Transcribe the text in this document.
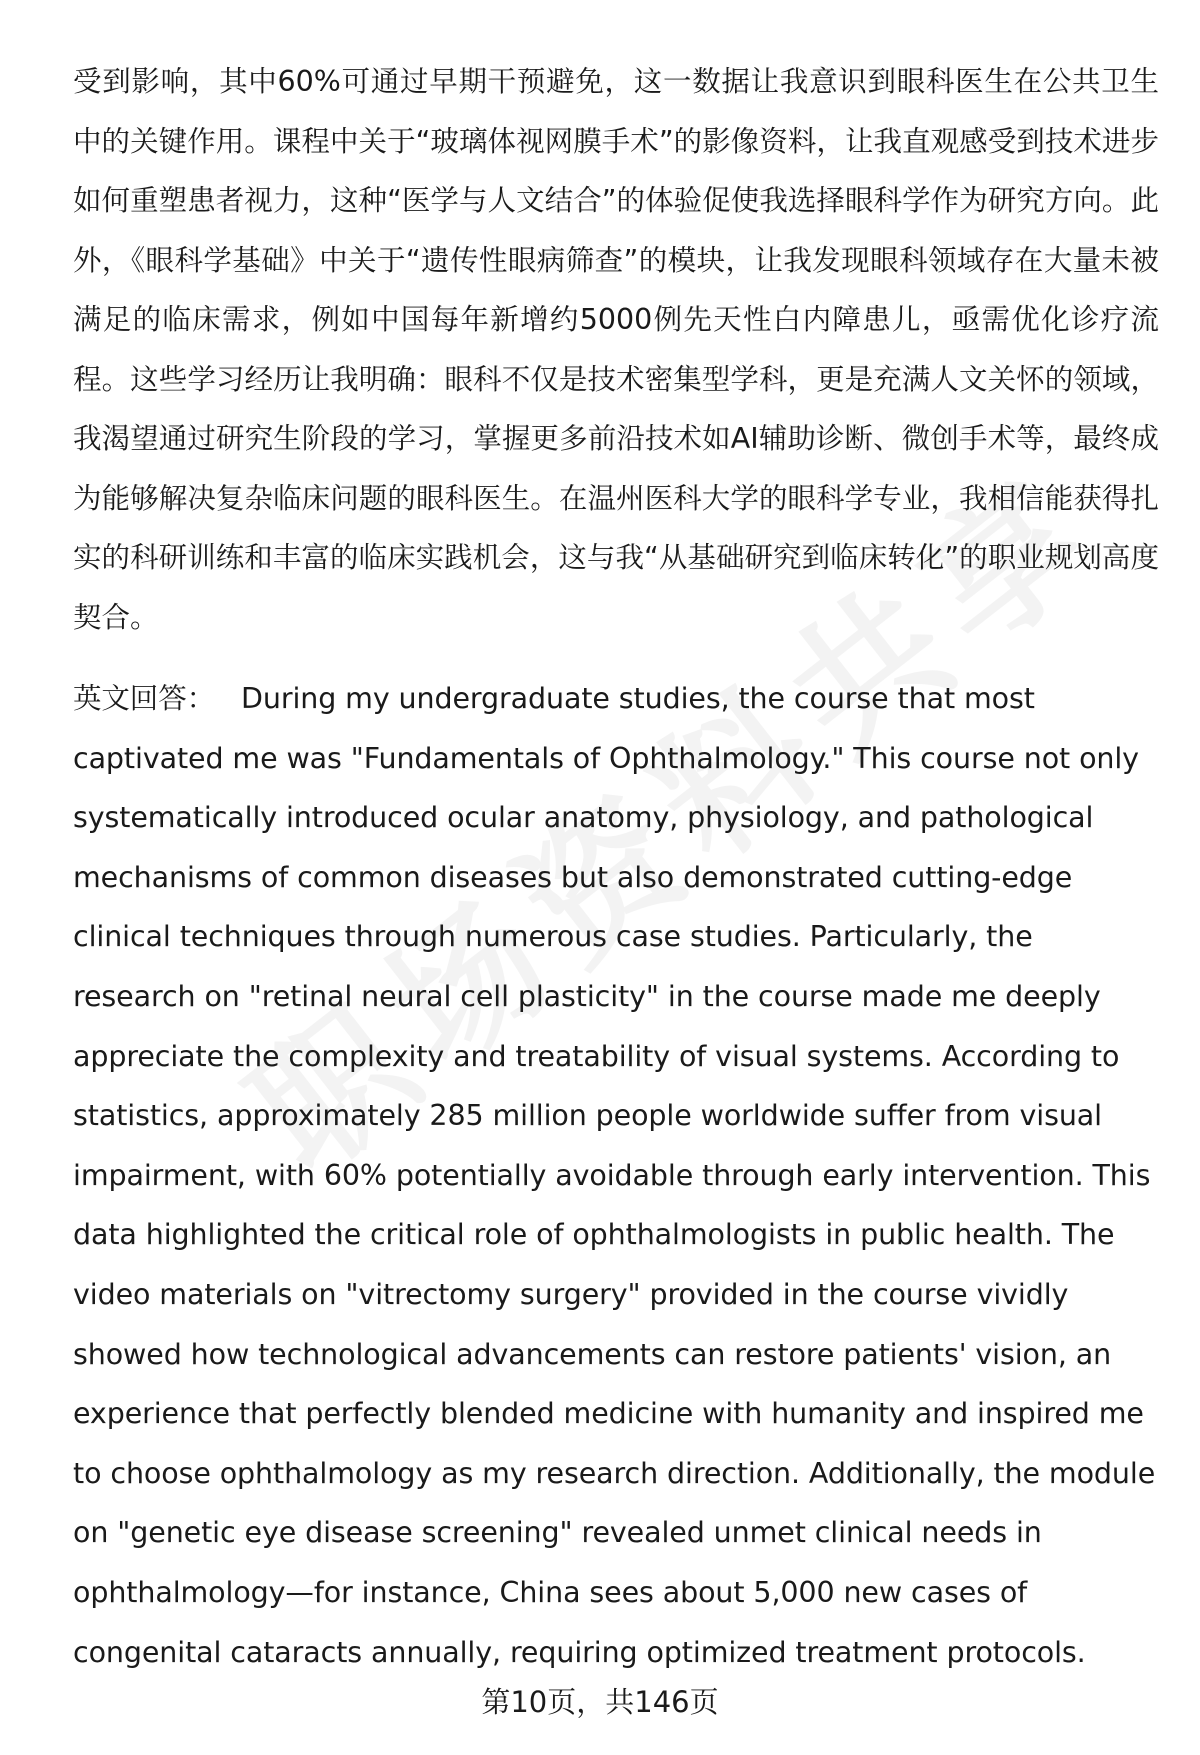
受到影响，其中60%可通过早期干预避免，这一数据让我意识到眼科医生在公共卫生中的关键作用。课程中关于“玻璃体视网膜手术”的影像资料，让我直观感受到技术进步如何重塑患者视力，这种“医学与人文结合”的体验促使我选择眼科学作为研究方向。此外，《眼科学基础》中关于“遗传性眼病筛查”的模块，让我发现眼科领域存在大量未被满足的临床需求，例如中国每年新增约5000例先天性白内障患儿，亟需优化诊疗流程。这些学习经历让我明确：眼科不仅是技术密集型学科，更是充满人文关怀的领域，我渴望通过研究生阶段的学习，掌握更多前沿技术如AI辅助诊断、微创手术等，最终成为能够解决复杂临床问题的眼科医生。在温州医科大学的眼科学专业，我相信能获得扎实的科研训练和丰富的临床实践机会，这与我“从基础研究到临床转化”的职业规划高度契合。

英文回答： During my undergraduate studies, the course that most captivated me was "Fundamentals of Ophthalmology." This course not only systematically introduced ocular anatomy, physiology, and pathological mechanisms of common diseases but also demonstrated cutting-edge clinical techniques through numerous case studies. Particularly, the research on "retinal neural cell plasticity" in the course made me deeply appreciate the complexity and treatability of visual systems. According to statistics, approximately 285 million people worldwide suffer from visual impairment, with 60% potentially avoidable through early intervention. This data highlighted the critical role of ophthalmologists in public health. The video materials on "vitrectomy surgery" provided in the course vividly showed how technological advancements can restore patients' vision, an experience that perfectly blended medicine with humanity and inspired me to choose ophthalmology as my research direction. Additionally, the module on "genetic eye disease screening" revealed unmet clinical needs in ophthalmology—for instance, China sees about 5,000 new cases of congenital cataracts annually, requiring optimized treatment protocols.

第10页，共146页
